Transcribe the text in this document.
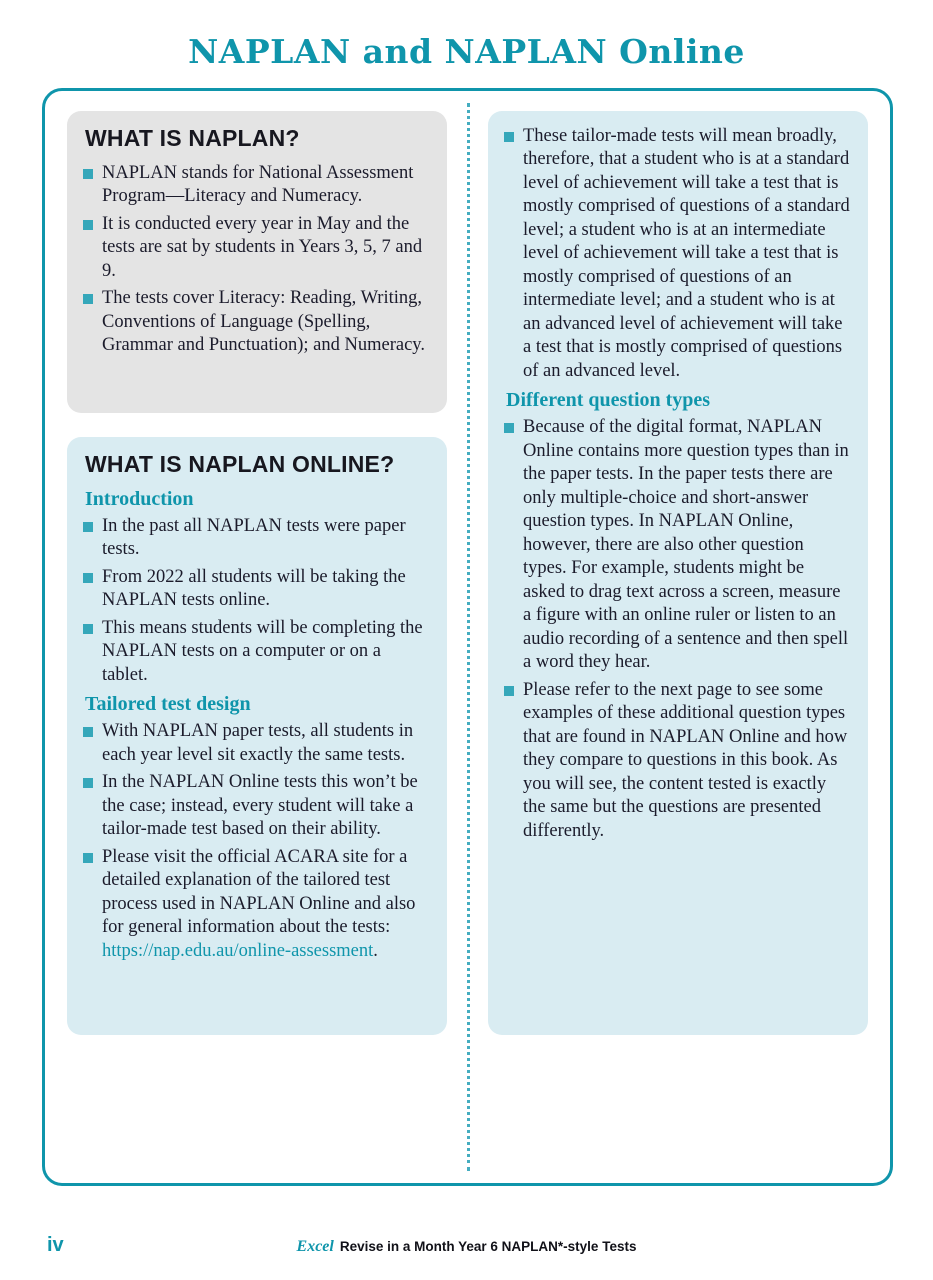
NAPLAN and NAPLAN Online
WHAT IS NAPLAN?
NAPLAN stands for National Assessment Program—Literacy and Numeracy.
It is conducted every year in May and the tests are sat by students in Years 3, 5, 7 and 9.
The tests cover Literacy: Reading, Writing, Conventions of Language (Spelling, Grammar and Punctuation); and Numeracy.
WHAT IS NAPLAN ONLINE?
Introduction
In the past all NAPLAN tests were paper tests.
From 2022 all students will be taking the NAPLAN tests online.
This means students will be completing the NAPLAN tests on a computer or on a tablet.
Tailored test design
With NAPLAN paper tests, all students in each year level sit exactly the same tests.
In the NAPLAN Online tests this won’t be the case; instead, every student will take a tailor-made test based on their ability.
Please visit the official ACARA site for a detailed explanation of the tailored test process used in NAPLAN Online and also for general information about the tests: https://nap.edu.au/online-assessment.
These tailor-made tests will mean broadly, therefore, that a student who is at a standard level of achievement will take a test that is mostly comprised of questions of a standard level; a student who is at an intermediate level of achievement will take a test that is mostly comprised of questions of an intermediate level; and a student who is at an advanced level of achievement will take a test that is mostly comprised of questions of an advanced level.
Different question types
Because of the digital format, NAPLAN Online contains more question types than in the paper tests. In the paper tests there are only multiple-choice and short-answer question types. In NAPLAN Online, however, there are also other question types. For example, students might be asked to drag text across a screen, measure a figure with an online ruler or listen to an audio recording of a sentence and then spell a word they hear.
Please refer to the next page to see some examples of these additional question types that are found in NAPLAN Online and how they compare to questions in this book. As you will see, the content tested is exactly the same but the questions are presented differently.
iv	Excel Revise in a Month Year 6 NAPLAN*-style Tests
